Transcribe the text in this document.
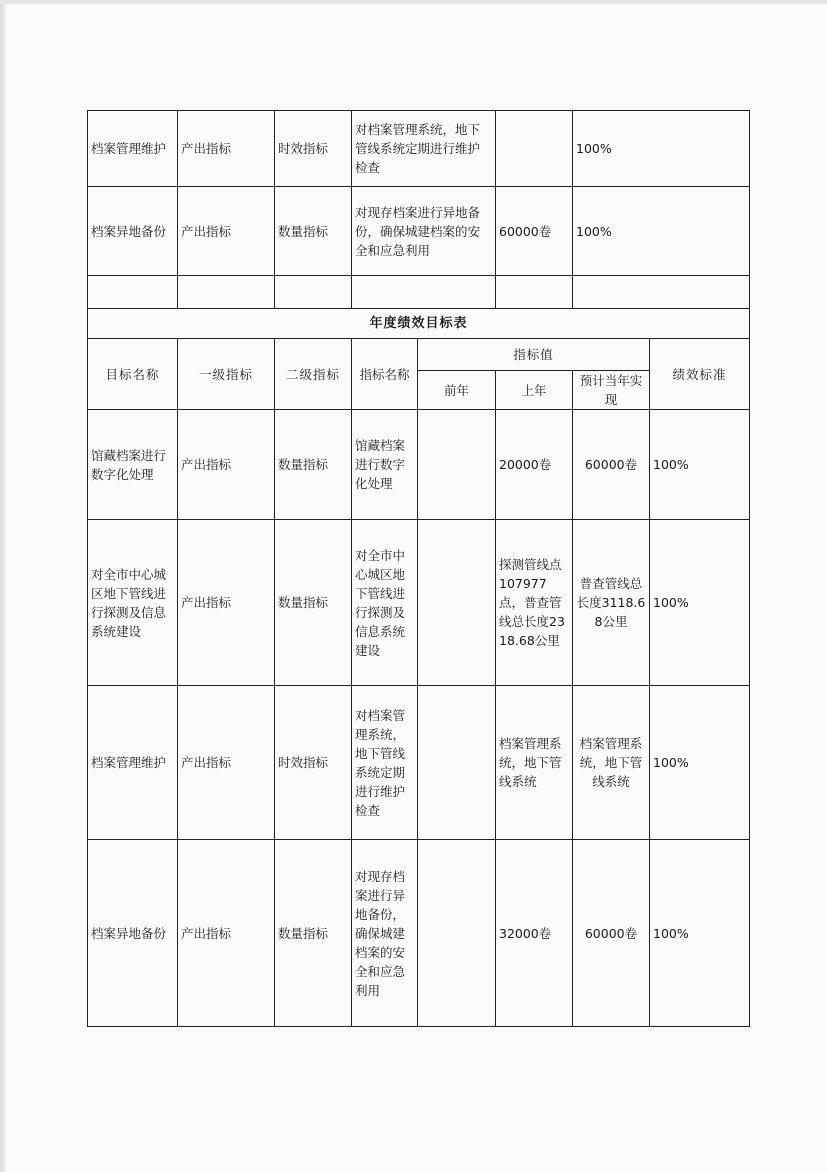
档案管理维护	产出指标	时效指标	对档案管理系统，地下管线系统定期进行维护检查		100%
档案异地备份	产出指标	数量指标	对现存档案进行异地备份，确保城建档案的安全和应急利用	60000卷	100%

年度绩效目标表							
目标名称	一级指标	二级指标	指标名称	指标值			绩效标准
				前年	上年	预计当年实现	
馆藏档案进行数字化处理	产出指标	数量指标	馆藏档案进行数字化处理		20000卷	60000卷	100%
对全市中心城区地下管线进行探测及信息系统建设	产出指标	数量指标	对全市中心城区地下管线进行探测及信息系统建设		探测管线点107977点，普查管线总长度2318.68公里	普查管线总长度3118.68公里	100%
档案管理维护	产出指标	时效指标	对档案管理系统，地下管线系统定期进行维护检查		档案管理系统，地下管线系统	档案管理系统，地下管线系统	100%
档案异地备份	产出指标	数量指标	对现存档案进行异地备份，确保城建档案的安全和应急利用		32000卷	60000卷	100%
